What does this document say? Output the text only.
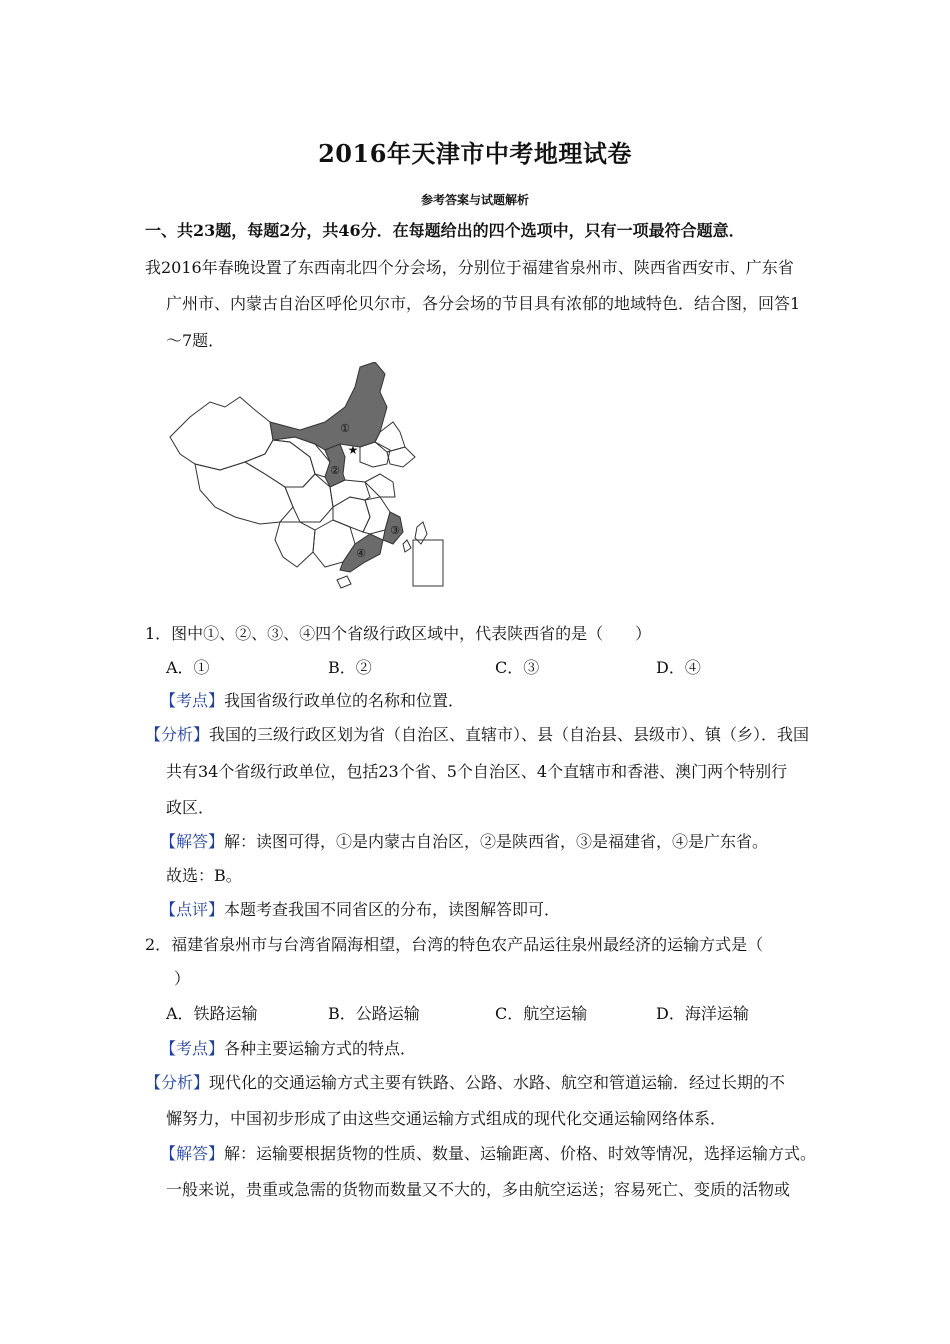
2016年天津市中考地理试卷
参考答案与试题解析
一、共23题，每题2分，共46分．在每题给出的四个选项中，只有一项最符合题意．
我2016年春晚设置了东西南北四个分会场，分别位于福建省泉州市、陕西省西安市、广东省
广州市、内蒙古自治区呼伦贝尔市，各分会场的节目具有浓郁的地域特色．结合图，回答1
～7题．
①
②
③
④
★
1．图中①、②、③、④四个省级行政区域中，代表陕西省的是（　　）
A．①	B．②	C．③	D．④
【考点】我国省级行政单位的名称和位置．
【分析】我国的三级行政区划为省（自治区、直辖市）、县（自治县、县级市）、镇（乡）．我国
共有34个省级行政单位，包括23个省、5个自治区、4个直辖市和香港、澳门两个特别行
政区．
【解答】解：读图可得，①是内蒙古自治区，②是陕西省，③是福建省，④是广东省。
故选：B。
【点评】本题考查我国不同省区的分布，读图解答即可．
2．福建省泉州市与台湾省隔海相望，台湾的特色农产品运往泉州最经济的运输方式是（
）
A．铁路运输	B．公路运输	C．航空运输	D．海洋运输
【考点】各种主要运输方式的特点．
【分析】现代化的交通运输方式主要有铁路、公路、水路、航空和管道运输．经过长期的不
懈努力，中国初步形成了由这些交通运输方式组成的现代化交通运输网络体系．
【解答】解：运输要根据货物的性质、数量、运输距离、价格、时效等情况，选择运输方式。
一般来说，贵重或急需的货物而数量又不大的，多由航空运送；容易死亡、变质的活物或
